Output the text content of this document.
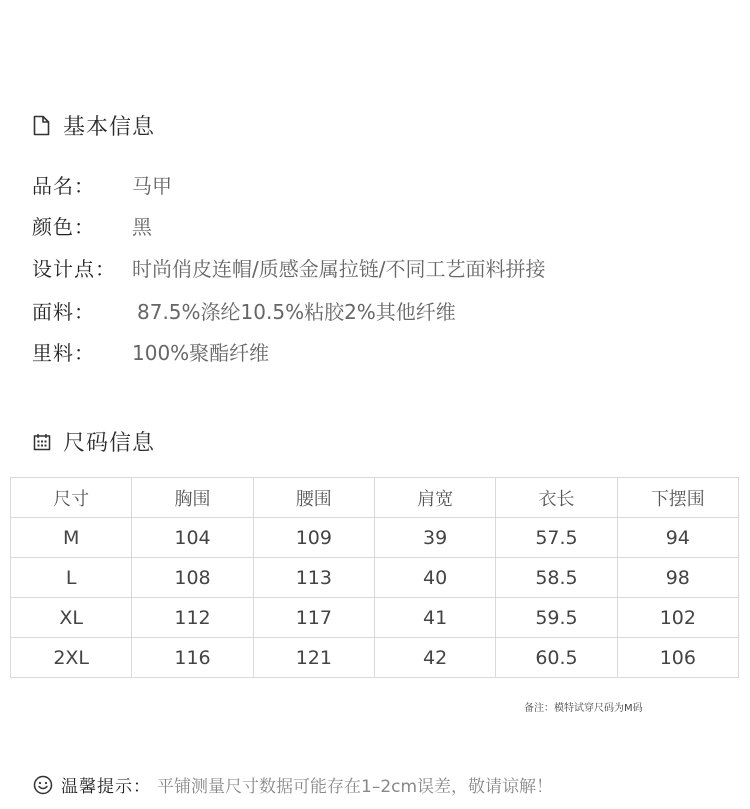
基本信息
品名：	马甲
颜色：	黑
设计点： 时尚俏皮连帽/质感金属拉链/不同工艺面料拼接
面料：	87.5%涤纶10.5%粘胶2%其他纤维
里料：	100%聚酯纤维
尺码信息
尺寸	胸围	腰围	肩宽	衣长	下摆围
M	104	109	39	57.5	94
L	108	113	40	58.5	98
XL	112	117	41	59.5	102
2XL	116	121	42	60.5	106
备注：模特试穿尺码为M码
温馨提示： 平铺测量尺寸数据可能存在1–2cm误差，敬请谅解！
